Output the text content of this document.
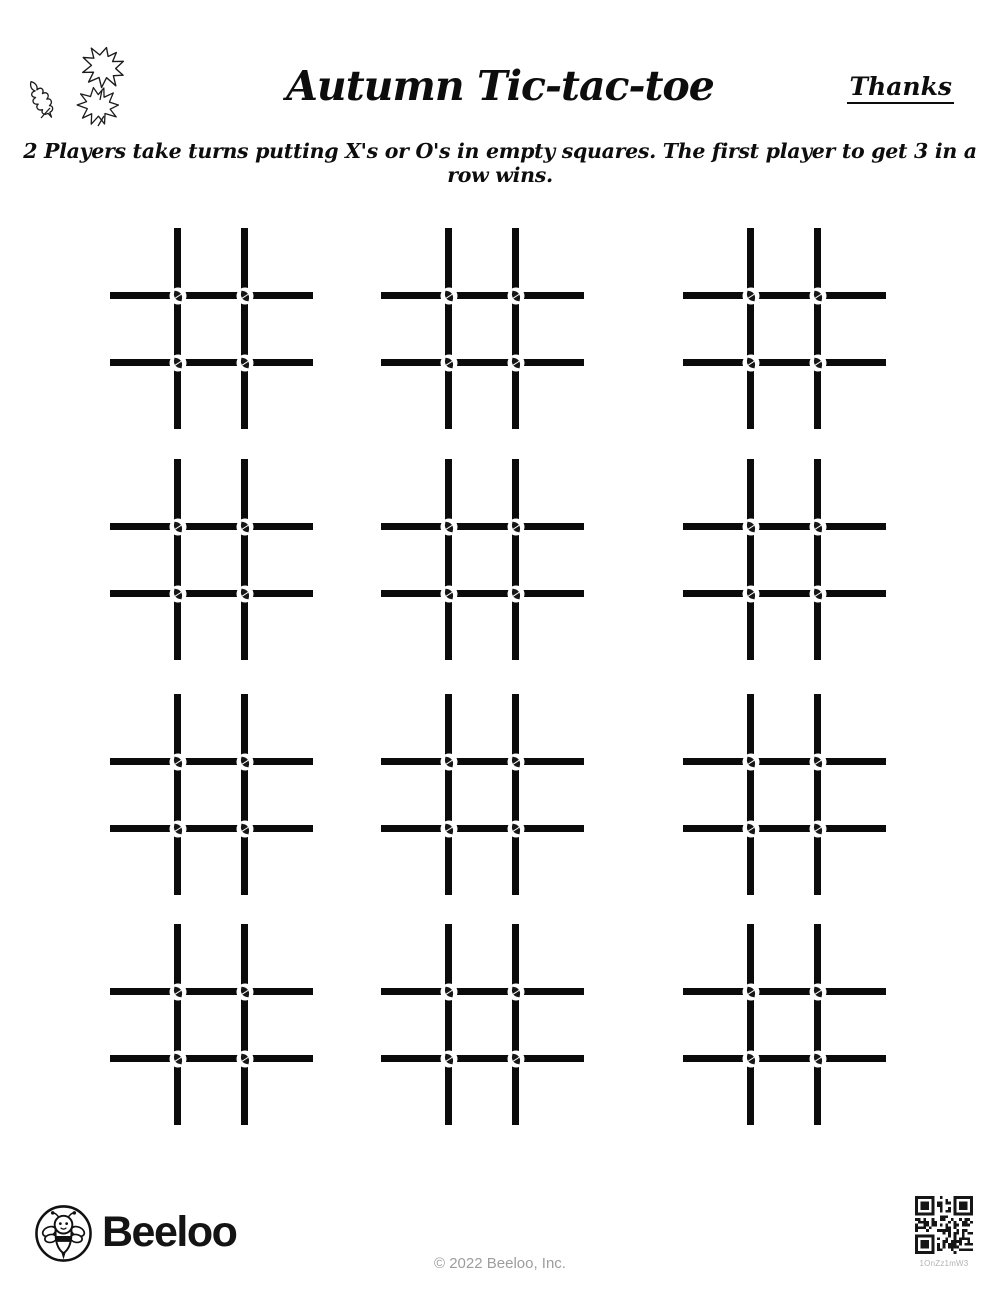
Autumn Tic-tac-toe	Thanks
2 Players take turns putting X's or O's in empty squares. The first player to get 3 in a row wins.
Beeloo
© 2022 Beeloo, Inc.	1OnZz1mW3
